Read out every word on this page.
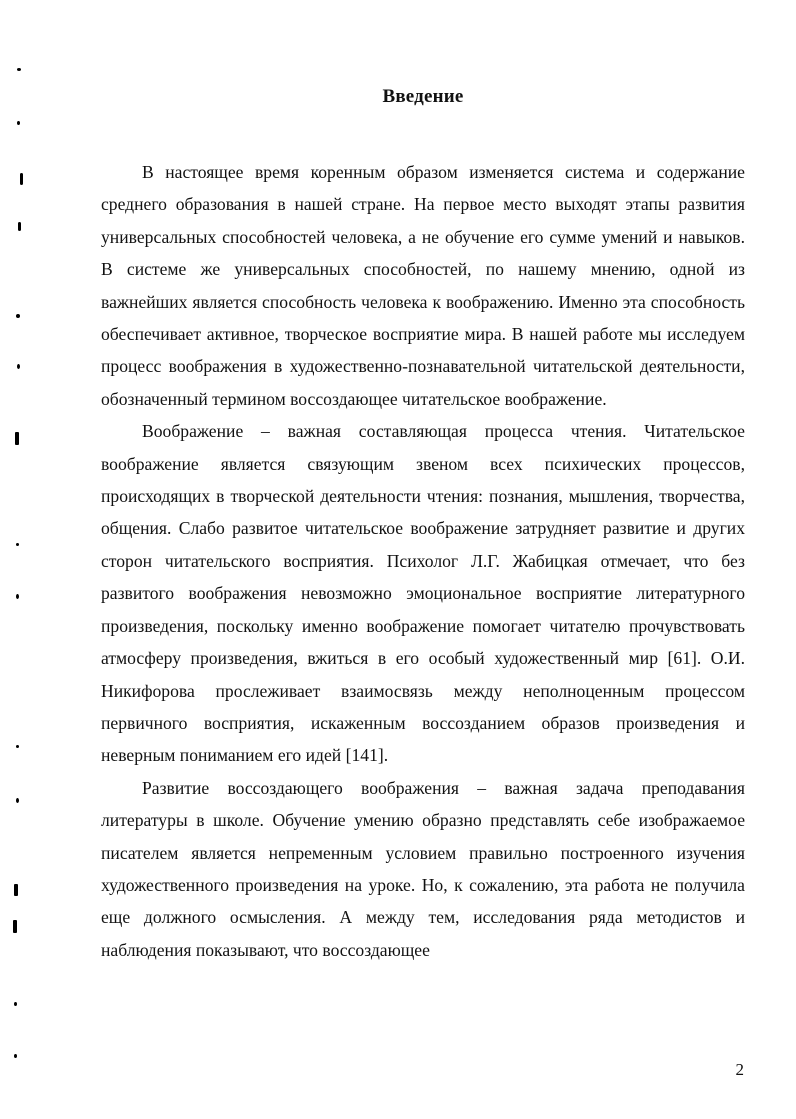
Введение

В настоящее время коренным образом изменяется система и содержание среднего образования в нашей стране. На первое место выходят этапы развития универсальных способностей человека, а не обучение его сумме умений и навыков. В системе же универсальных способностей, по нашему мнению, одной из важнейших является способность человека к воображению. Именно эта способность обеспечивает активное, творческое восприятие мира. В нашей работе мы исследуем процесс воображения в художественно-познавательной читательской деятельности, обозначенный термином воссоздающее читательское воображение.

Воображение – важная составляющая процесса чтения. Читательское воображение является связующим звеном всех психических процессов, происходящих в творческой деятельности чтения: познания, мышления, творчества, общения. Слабо развитое читательское воображение затрудняет развитие и других сторон читательского восприятия. Психолог Л.Г. Жабицкая отмечает, что без развитого воображения невозможно эмоциональное восприятие литературного произведения, поскольку именно воображение помогает читателю прочувствовать атмосферу произведения, вжиться в его особый художественный мир [61]. О.И. Никифорова прослеживает взаимосвязь между неполноценным процессом первичного восприятия, искаженным воссозданием образов произведения и неверным пониманием его идей [141].

Развитие воссоздающего воображения – важная задача преподавания литературы в школе. Обучение умению образно представлять себе изображаемое писателем является непременным условием правильно построенного изучения художественного произведения на уроке. Но, к сожалению, эта работа не получила еще должного осмысления. А между тем, исследования ряда методистов и наблюдения показывают, что воссоздающее

2
